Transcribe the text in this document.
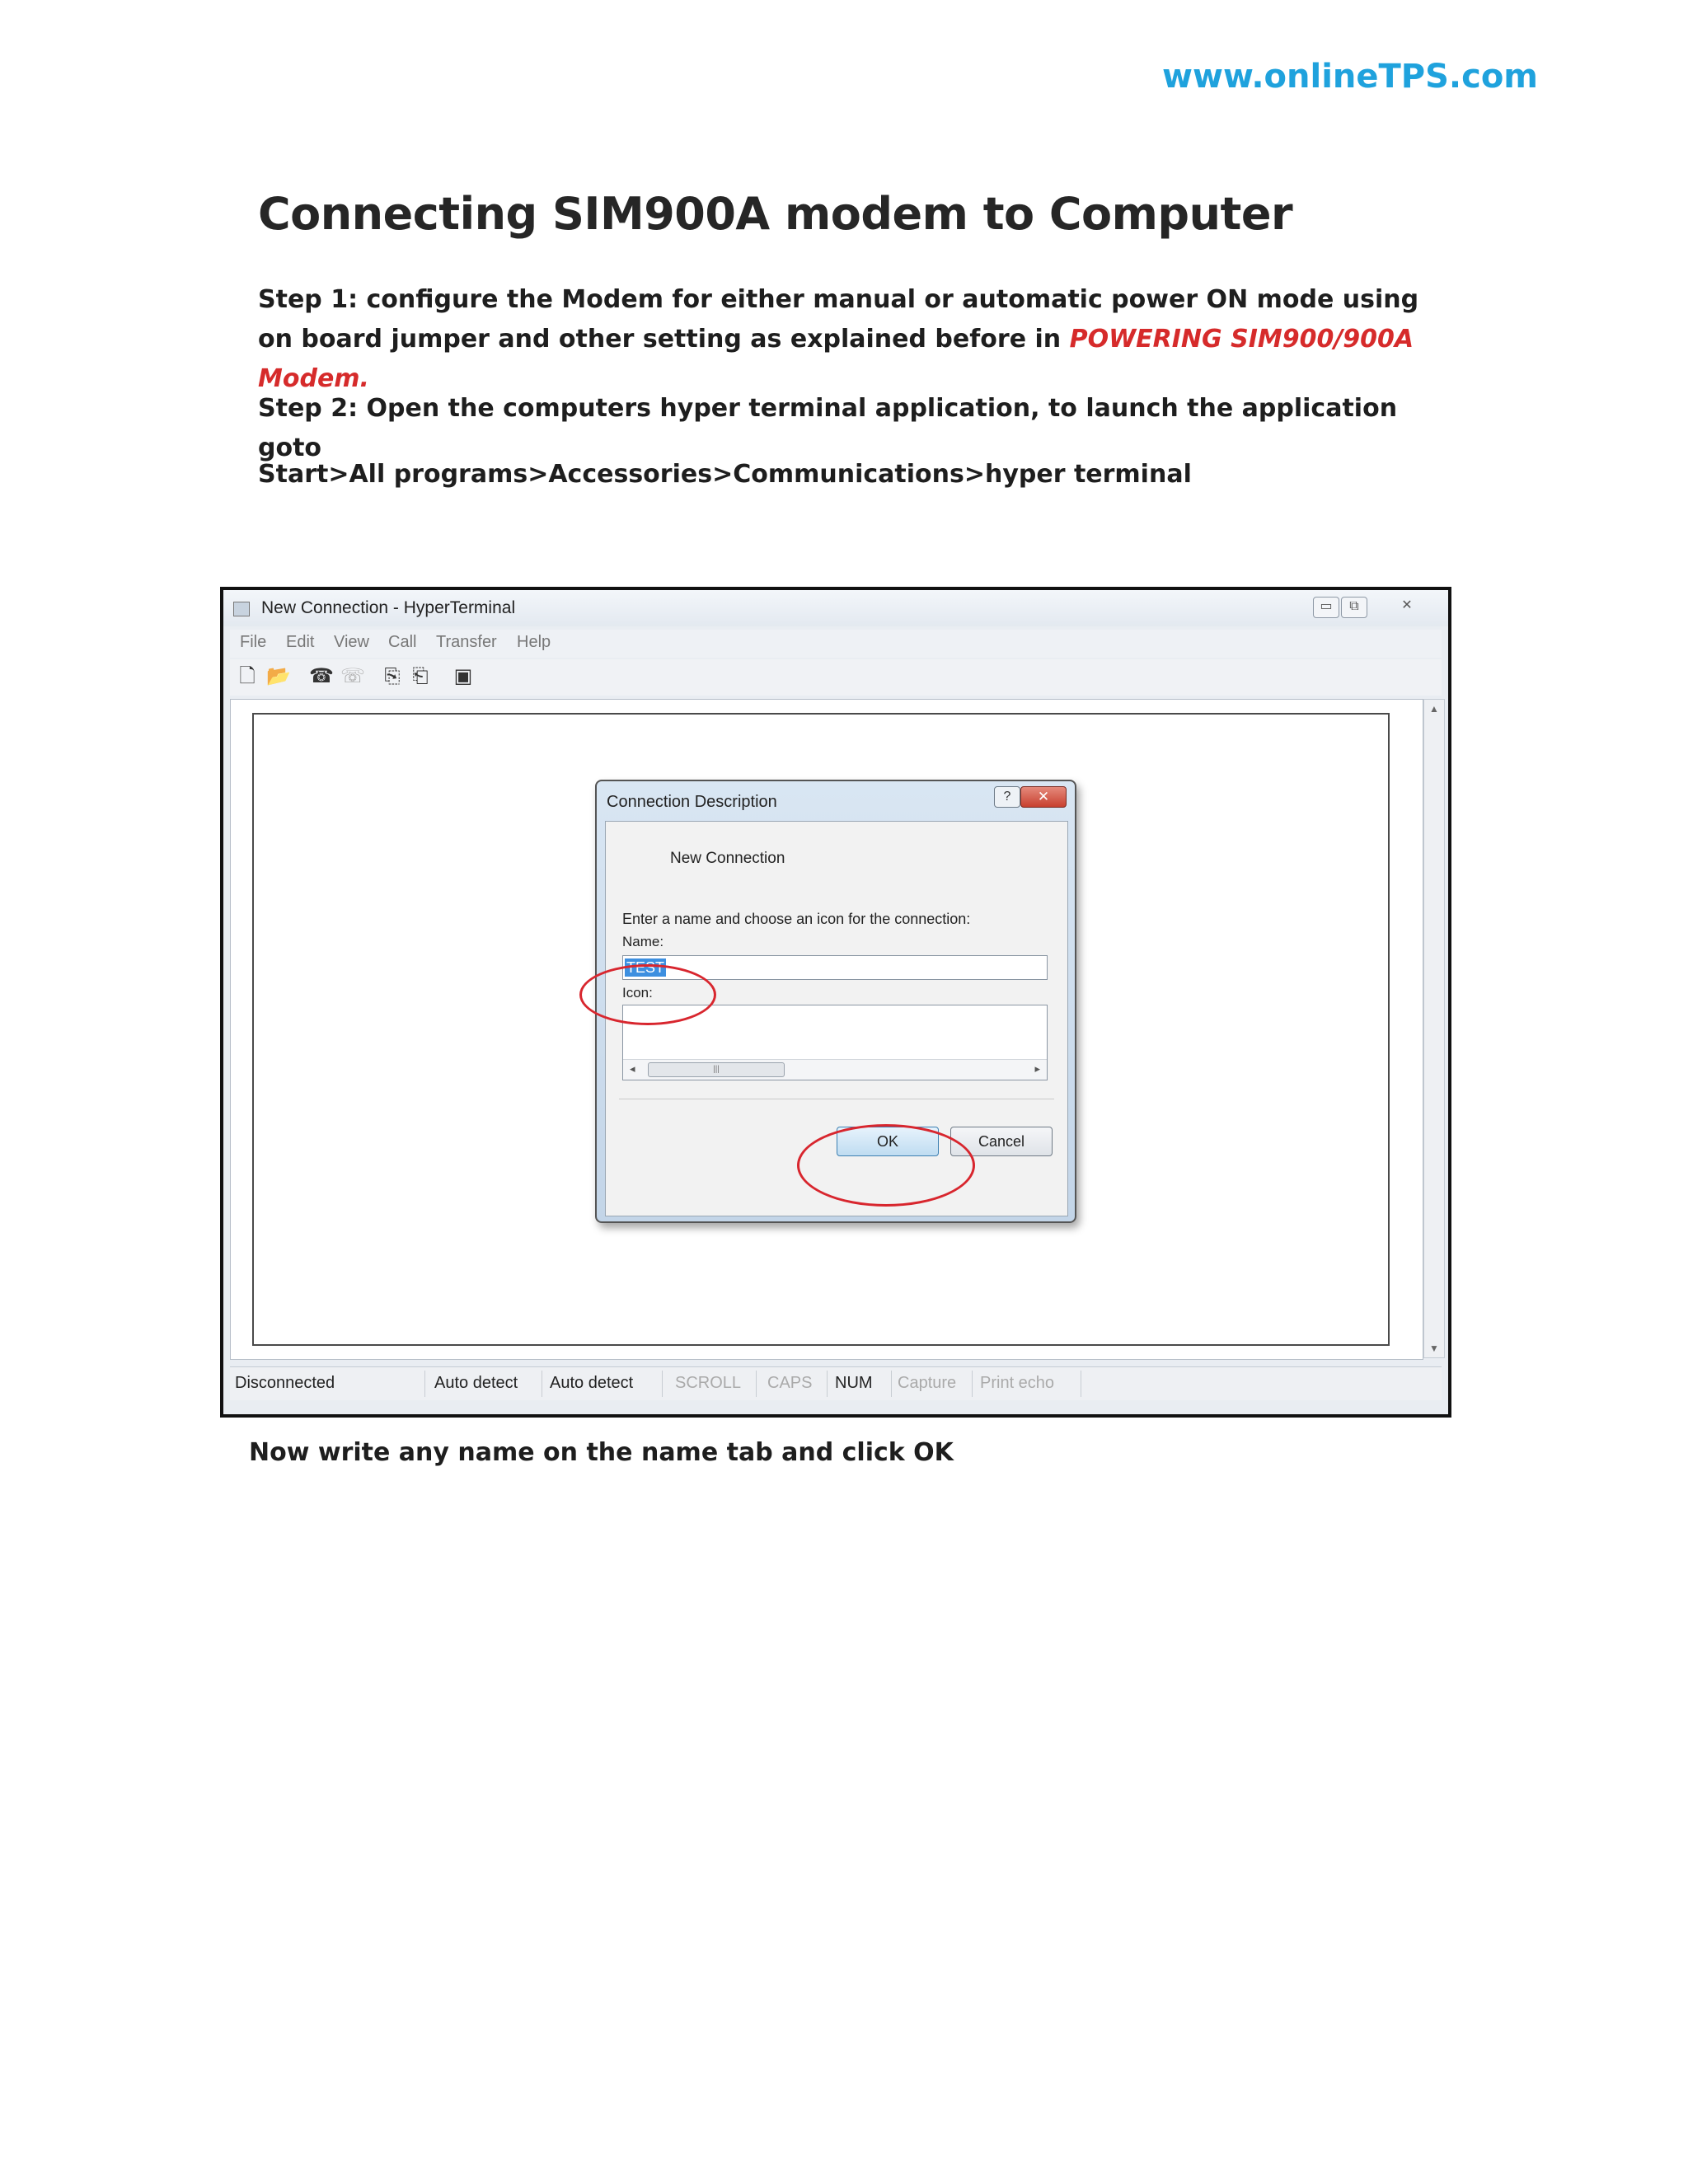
www.onlineTPS.com
Connecting SIM900A modem to Computer

Step 1: configure the Modem for either manual or automatic power ON mode using on board jumper and other setting as explained before in POWERING SIM900/900A Modem.

Step 2: Open the computers hyper terminal application, to launch the application goto

Start>All programs>Accessories>Communications>hyper terminal

New Connection - HyperTerminal	▭	⧉	✕
File Edit View Call Transfer Help
🗋 📂 ☎ ☏ ⎘ ⎗ ▣
▲
▼
Disconnected	Auto detect Auto detect	SCROLL CAPS NUM Capture Print echo
Connection Description	?	✕
New Connection
Enter a name and choose an icon for the connection:
Name:
TEST
Icon:
◂	|||	▸
OK	Cancel

Now write any name on the name tab and click OK
